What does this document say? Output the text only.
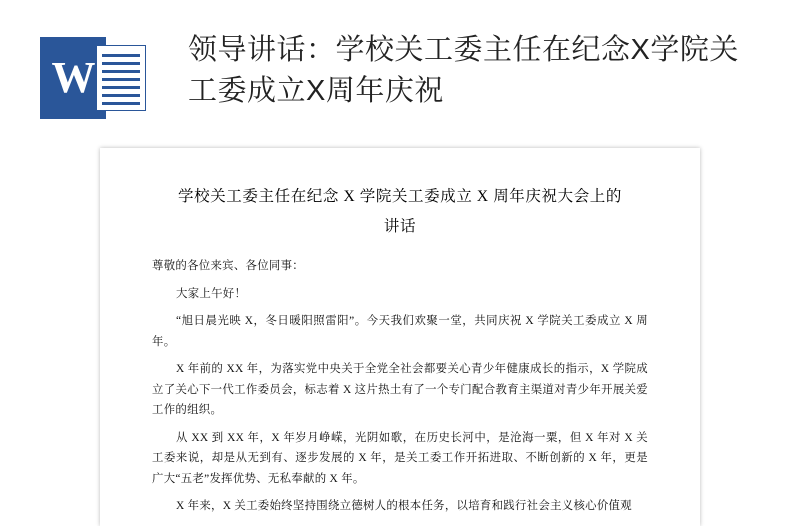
W
领导讲话：学校关工委主任在纪念X学院关工委成立X周年庆祝
学校关工委主任在纪念 X 学院关工委成立 X 周年庆祝大会上的
讲话

尊敬的各位来宾、各位同事：

大家上午好！

“旭日晨光映 X，冬日暖阳照雷阳”。今天我们欢聚一堂，共同庆祝 X 学院关工委成立 X 周年。

X 年前的 XX 年，为落实党中央关于全党全社会都要关心青少年健康成长的指示，X 学院成立了关心下一代工作委员会，标志着 X 这片热土有了一个专门配合教育主渠道对青少年开展关爱工作的组织。

从 XX 到 XX 年，X 年岁月峥嵘，光阴如歌，在历史长河中，是沧海一粟，但 X 年对 X 关工委来说，却是从无到有、逐步发展的 X 年，是关工委工作开拓进取、不断创新的 X 年，更是广大“五老”发挥优势、无私奉献的 X 年。

X 年来，X 关工委始终坚持围绕立德树人的根本任务，以培育和践行社会主义核心价值观
